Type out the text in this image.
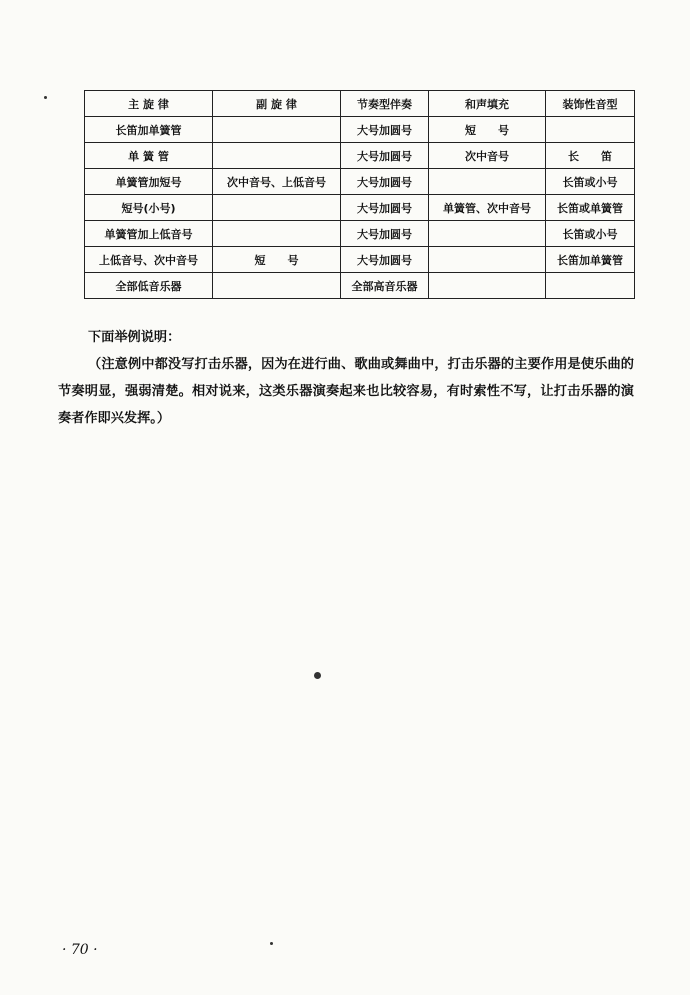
主 旋 律	副 旋 律	节奏型伴奏	和声填充	装饰性音型
长笛加单簧管		大号加圆号	短　　号	
单 簧 管		大号加圆号	次中音号	长　　笛
单簧管加短号	次中音号、上低音号	大号加圆号		长笛或小号
短号(小号)		大号加圆号	单簧管、次中音号	长笛或单簧管
单簧管加上低音号		大号加圆号		长笛或小号
上低音号、次中音号	短　　号	大号加圆号		长笛加单簧管
全部低音乐器		全部高音乐器		
下面举例说明：
（注意例中都没写打击乐器，因为在进行曲、歌曲或舞曲中，打击乐器的主要作用是使乐曲的节奏明显，强弱清楚。相对说来，这类乐器演奏起来也比较容易，有时索性不写，让打击乐器的演奏者作即兴发挥。）
· 70 ·
